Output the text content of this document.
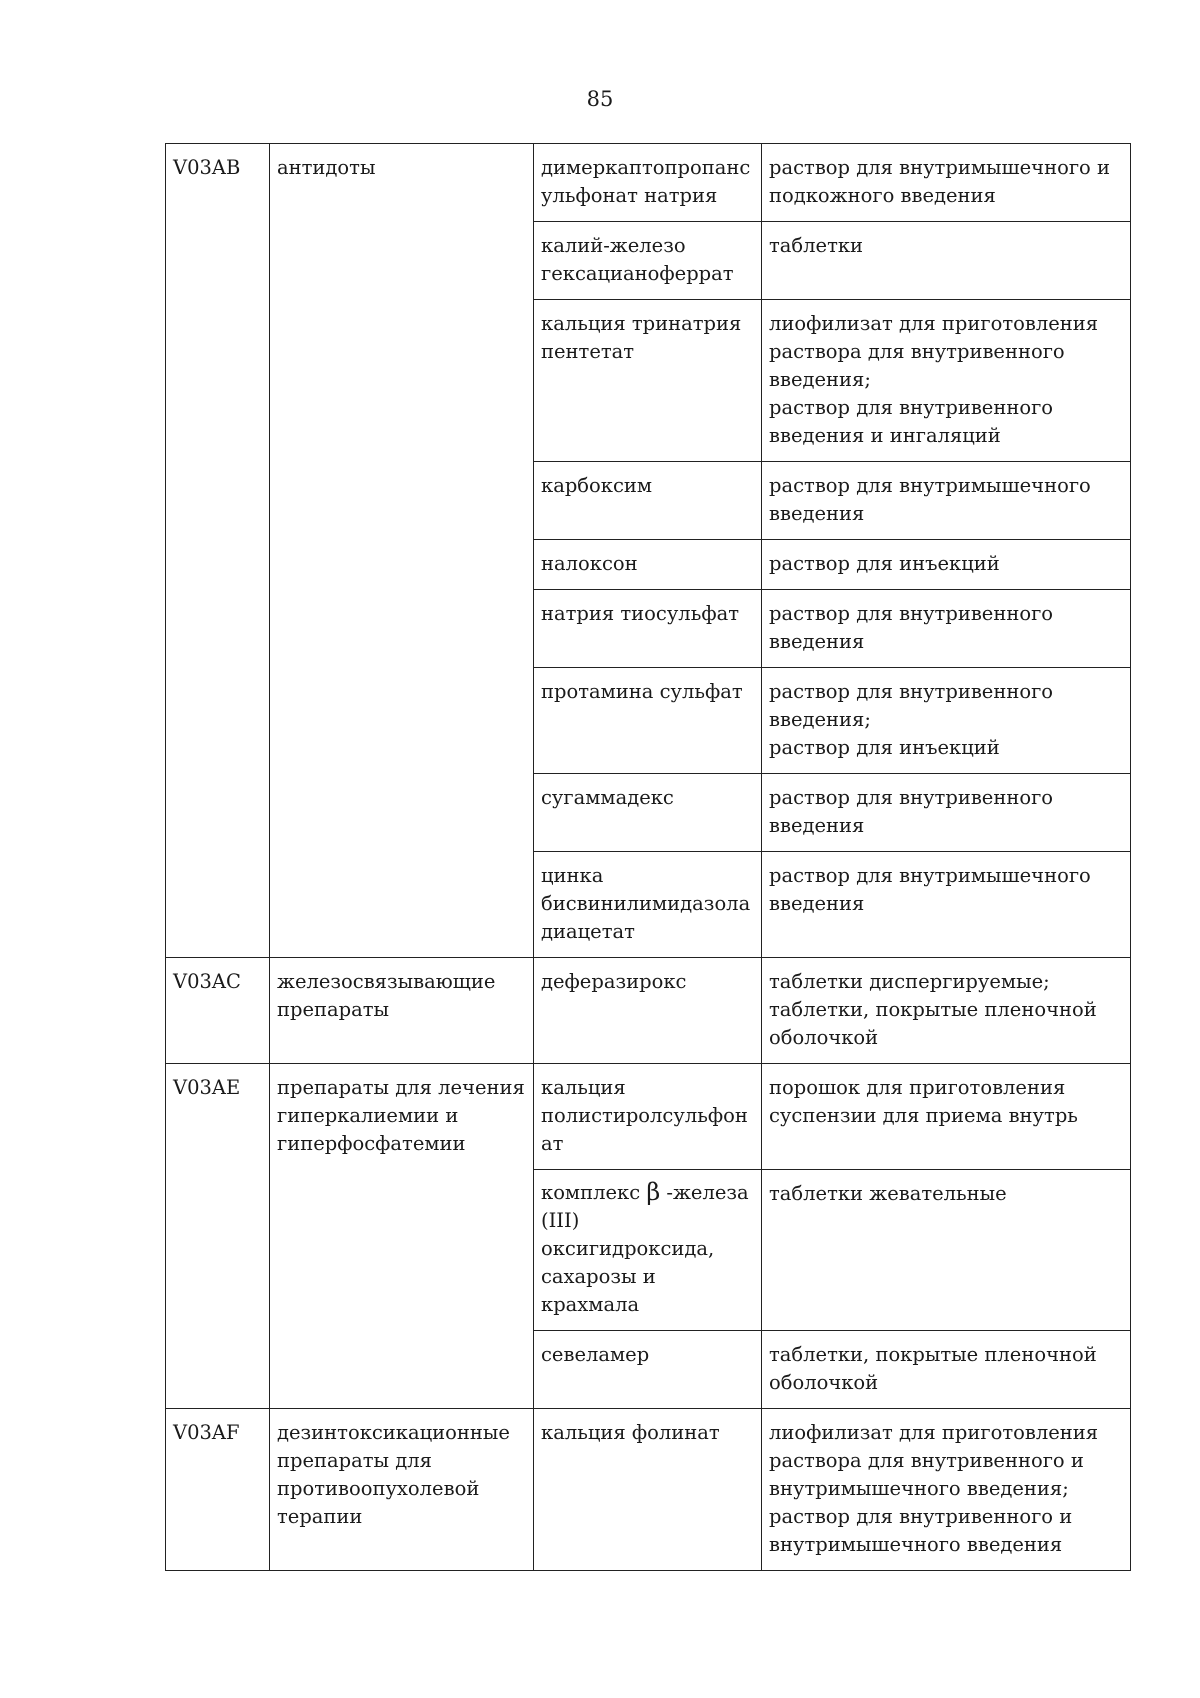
85
V03AB	антидоты	димеркаптопропанс
ульфонат натрия	раствор для внутримышечного и подкожного введения

		калий-железо
гексацианоферрат	таблетки

		кальция тринатрия пентетат	лиофилизат для приготовления раствора для внутривенного введения;
раствор для внутривенного введения и ингаляций

		карбоксим	раствор для внутримышечного введения

		налоксон	раствор для инъекций

		натрия тиосульфат	раствор для внутривенного введения

		протамина сульфат	раствор для внутривенного введения;
раствор для инъекций

		сугаммадекс	раствор для внутривенного введения

		цинка
бисвинилимидазола
диацетат	раствор для внутримышечного введения

V03AC	железосвязывающие препараты	деферазирокс	таблетки диспергируемые;
таблетки, покрытые пленочной оболочкой

V03AE	препараты для лечения гиперкалиемии и гиперфосфатемии	кальция
полистиролсульфон
ат	порошок для приготовления суспензии для приема внутрь

		комплекс β -железа (III) оксигидроксида, сахарозы и крахмала	таблетки жевательные

		севеламер	таблетки, покрытые пленочной оболочкой

V03AF	дезинтоксикационные препараты для противоопухолевой терапии	кальция фолинат	лиофилизат для приготовления раствора для внутривенного и внутримышечного введения;
раствор для внутривенного и внутримышечного введения
